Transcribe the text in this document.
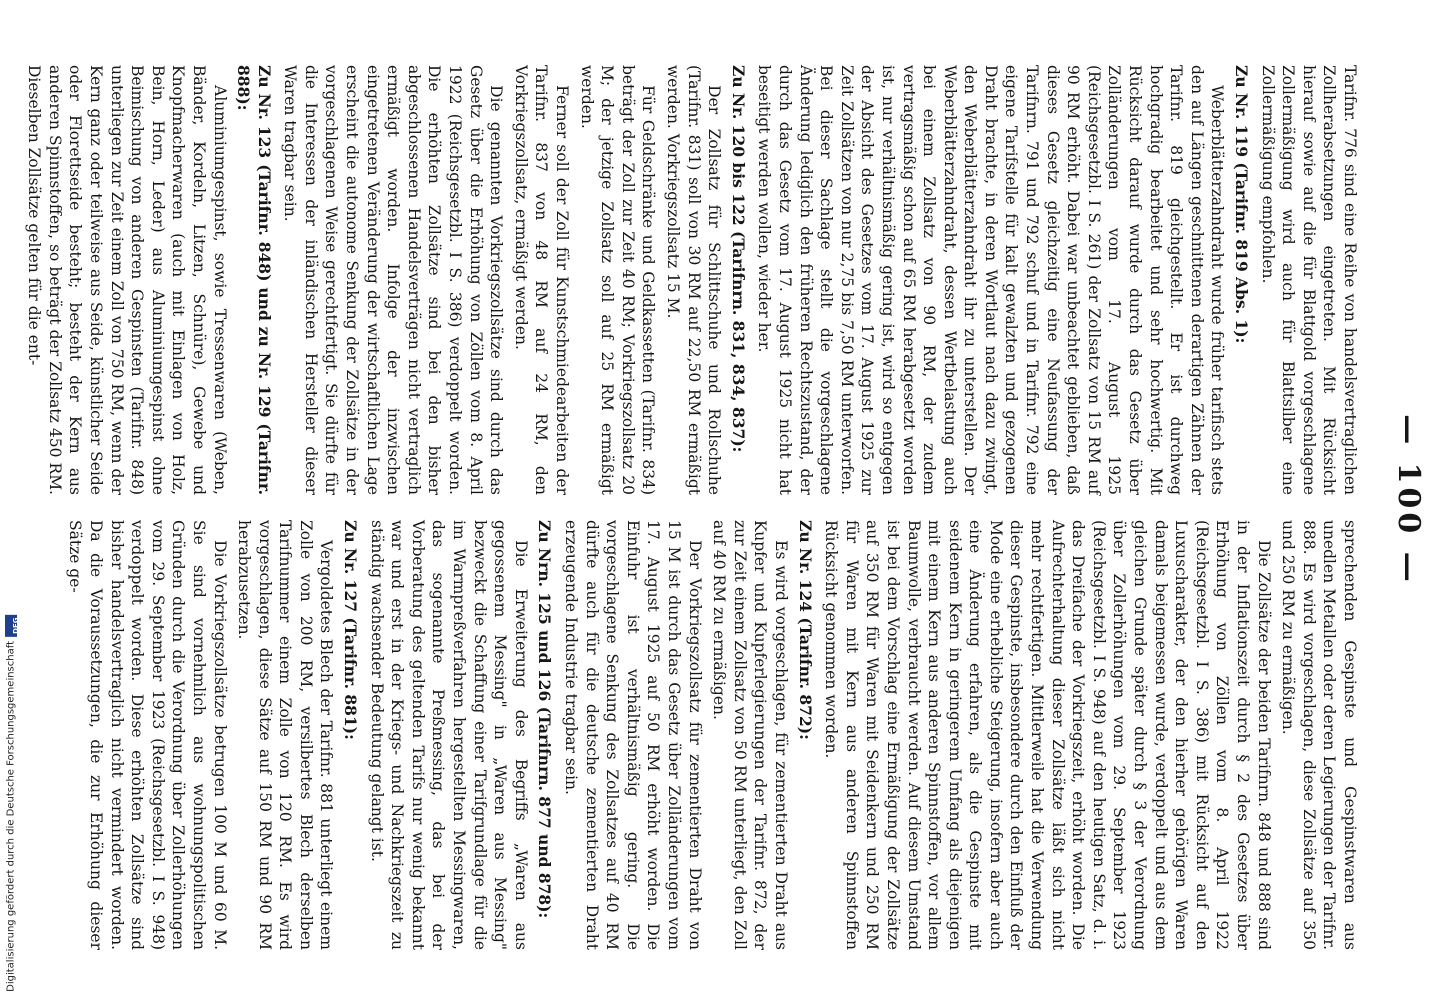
Digitalisierung gefördert durch die Deutsche Forschungsgemeinschaft
DFG
— 100 —

Tarifnr. 776 sind eine Reihe von handelsvertraglichen Zollherabsetzungen eingetreten. Mit Rücksicht hierauf sowie auf die für Blattgold vorgeschlagene Zollermäßigung wird auch für Blattsilber eine Zollermäßigung empfohlen.

Zu Nr. 119 (Tarifnr. 819 Abs. 1):

Weberblätterzahndraht wurde früher tarifisch stets den auf Längen geschnittenen derartigen Zähnen der Tarifnr. 819 gleichgestellt. Er ist durchweg hochgradig bearbeitet und sehr hochwertig. Mit Rücksicht darauf wurde durch das Gesetz über Zolländerungen vom 17. August 1925 (Reichsgesetzbl. I S. 261) der Zollsatz von 15 RM auf 90 RM erhöht. Dabei war unbeachtet geblieben, daß dieses Gesetz gleichzeitig eine Neufassung der Tarifnrn. 791 und 792 schuf und in Tarifnr. 792 eine eigene Tarifstelle für kalt gewalzten und gezogenen Draht brachte, in deren Wortlaut nach dazu zwingt, den Weberblätterzahndraht ihr zu unterstellen. Der Weberblätterzahndraht, dessen Wertbelastung auch bei einem Zollsatz von 90 RM, der zudem vertragsmäßig schon auf 65 RM herabgesetzt worden ist, nur verhältnismäßig gering ist, wird so entgegen der Absicht des Gesetzes vom 17. August 1925 zur Zeit Zollsätzen von nur 2,75 bis 7,50 RM unterworfen. Bei dieser Sachlage stellt die vorgeschlagene Änderung lediglich den früheren Rechtszustand, der durch das Gesetz vom 17. August 1925 nicht hat beseitigt werden wollen, wieder her.

Zu Nr. 120 bis 122 (Tarifnrn. 831, 834, 837):

Der Zollsatz für Schlittschuhe und Rollschuhe (Tarifnr. 831) soll von 30 RM auf 22,50 RM ermäßigt werden. Vorkriegszollsatz 15 M.

Für Geldschränke und Geldkassetten (Tarifnr. 834) beträgt der Zoll zur Zeit 40 RM; Vorkriegszollsatz 20 M; der jetzige Zollsatz soll auf 25 RM ermäßigt werden.

Ferner soll der Zoll für Kunstschmiedearbeiten der Tarifnr. 837 von 48 RM auf 24 RM, den Vorkriegszollsatz, ermäßigt werden.

Die genannten Vorkriegszollsätze sind durch das Gesetz über die Erhöhung von Zöllen vom 8. April 1922 (Reichsgesetzbl. I S. 386) verdoppelt worden. Die erhöhten Zollsätze sind bei den bisher abgeschlossenen Handelsverträgen nicht vertraglich ermäßigt worden. Infolge der inzwischen eingetretenen Veränderung der wirtschaftlichen Lage erscheint die autonome Senkung der Zollsätze in der vorgeschlagenen Weise gerechtfertigt. Sie dürfte für die Interessen der inländischen Hersteller dieser Waren tragbar sein.

Zu Nr. 123 (Tarifnr. 848) und zu Nr. 129 (Tarifnr. 888):

Aluminiumgespinst, sowie Tressenwaren (Weben, Bänder, Kordeln, Litzen, Schnüre), Gewebe und Knopfmacherwaren (auch mit Einlagen von Holz, Bein, Horn, Leder) aus Aluminiumgespinst ohne Beimischung von anderen Gespinsten (Tarifnr. 848) unterliegen zur Zeit einem Zoll von 750 RM, wenn der Kern ganz oder teilweise aus Seide, künstlicher Seide oder Florettseide besteht; besteht der Kern aus anderen Spinnstoffen, so beträgt der Zollsatz 450 RM. Dieselben Zollsätze gelten für die ent-

sprechenden Gespinste und Gespinstwaren aus unedlen Metallen oder deren Legierungen der Tarifnr. 888. Es wird vorgeschlagen, diese Zollsätze auf 350 und 250 RM zu ermäßigen.

Die Zollsätze der beiden Tarifnrn. 848 und 888 sind in der Inflationszeit durch § 2 des Gesetzes über Erhöhung von Zöllen vom 8. April 1922 (Reichsgesetzbl. I S. 386) mit Rücksicht auf den Luxuscharakter, der den hierher gehörigen Waren damals beigemessen wurde, verdoppelt und aus dem gleichen Grunde später durch § 3 der Verordnung über Zollerhöhungen vom 29. September 1923 (Reichsgesetzbl. I S. 948) auf den heutigen Satz, d. i. das Dreifache der Vorkriegszeit, erhöht worden. Die Aufrechterhaltung dieser Zollsätze läßt sich nicht mehr rechtfertigen. Mittlerweile hat die Verwendung dieser Gespinste, insbesondere durch den Einfluß der Mode eine erhebliche Steigerung, insofern aber auch eine Änderung erfahren, als die Gespinste mit seidenem Kern in geringerem Umfang als diejenigen mit einem Kern aus anderen Spinnstoffen, vor allem Baumwolle, verbraucht werden. Auf diesem Umstand ist bei dem Vorschlag eine Ermäßigung der Zollsätze auf 350 RM für Waren mit Seidenkern und 250 RM für Waren mit Kern aus anderen Spinnstoffen Rücksicht genommen worden.

Zu Nr. 124 (Tarifnr. 872):

Es wird vorgeschlagen, für zementierten Draht aus Kupfer und Kupferlegierungen der Tarifnr. 872, der zur Zeit einem Zollsatz von 50 RM unterliegt, den Zoll auf 40 RM zu ermäßigen.

Der Vorkriegszollsatz für zementierten Draht von 15 M ist durch das Gesetz über Zolländerungen vom 17. August 1925 auf 50 RM erhöht worden. Die Einfuhr ist verhältnismäßig gering. Die vorgeschlagene Senkung des Zollsatzes auf 40 RM dürfte auch für die deutsche zementierten Draht erzeugende Industrie tragbar sein.

Zu Nrn. 125 und 126 (Tarifnrn. 877 und 878):

Die Erweiterung des Begriffs „Waren aus gegossenem Messing" in „Waren aus Messing" bezweckt die Schaffung einer Tarifgrundlage für die im Warmpreßverfahren hergestellten Messingwaren, das sogenannte Preßmessing, das bei der Vorberatung des geltenden Tarifs nur wenig bekannt war und erst in der Kriegs- und Nachkriegszeit zu ständig wachsender Bedeutung gelangt ist.

Zu Nr. 127 (Tarifnr. 881):

Vergoldetes Blech der Tarifnr. 881 unterliegt einem Zolle von 200 RM, versilbertes Blech derselben Tarifnummer einem Zolle von 120 RM. Es wird vorgeschlagen, diese Sätze auf 150 RM und 90 RM herabzusetzen.

Die Vorkriegszollsätze betrugen 100 M und 60 M. Sie sind vornehmlich aus wohnungspolitischen Gründen durch die Verordnung über Zollerhöhungen vom 29. September 1923 (Reichsgesetzbl. I S. 948) verdoppelt worden. Diese erhöhten Zollsätze sind bisher handelsvertraglich nicht vermindert worden. Da die Voraussetzungen, die zur Erhöhung dieser Sätze ge-
